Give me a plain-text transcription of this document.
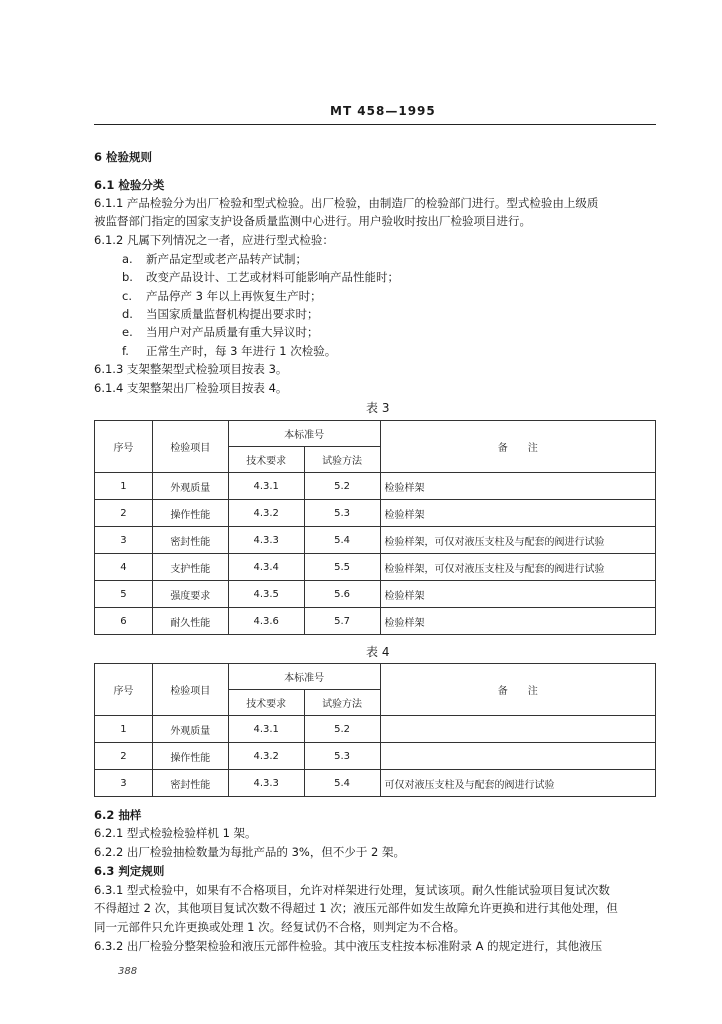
MT 458—1995
6 检验规则
6.1 检验分类
6.1.1 产品检验分为出厂检验和型式检验。出厂检验，由制造厂的检验部门进行。型式检验由上级质
被监督部门指定的国家支护设备质量监测中心进行。用户验收时按出厂检验项目进行。
6.1.2 凡属下列情况之一者，应进行型式检验：
a. 新产品定型或老产品转产试制；
b. 改变产品设计、工艺或材料可能影响产品性能时；
c. 产品停产 3 年以上再恢复生产时；
d. 当国家质量监督机构提出要求时；
e. 当用户对产品质量有重大异议时；
f. 正常生产时，每 3 年进行 1 次检验。
6.1.3 支架整架型式检验项目按表 3。
6.1.4 支架整架出厂检验项目按表 4。
表 3
序号	检验项目	本标准号		备　　注
		技术要求	试验方法	
1	外观质量	4.3.1	5.2	检验样架
2	操作性能	4.3.2	5.3	检验样架
3	密封性能	4.3.3	5.4	检验样架，可仅对液压支柱及与配套的阀进行试验
4	支护性能	4.3.4	5.5	检验样架，可仅对液压支柱及与配套的阀进行试验
5	强度要求	4.3.5	5.6	检验样架
6	耐久性能	4.3.6	5.7	检验样架
表 4
序号	检验项目	本标准号		备　　注
		技术要求	试验方法	
1	外观质量	4.3.1	5.2	
2	操作性能	4.3.2	5.3	
3	密封性能	4.3.3	5.4	可仅对液压支柱及与配套的阀进行试验
6.2 抽样
6.2.1 型式检验检验样机 1 架。
6.2.2 出厂检验抽检数量为每批产品的 3%，但不少于 2 架。
6.3 判定规则
6.3.1 型式检验中，如果有不合格项目，允许对样架进行处理，复试该项。耐久性能试验项目复试次数
不得超过 2 次，其他项目复试次数不得超过 1 次；液压元部件如发生故障允许更换和进行其他处理，但
同一元部件只允许更换或处理 1 次。经复试仍不合格，则判定为不合格。
6.3.2 出厂检验分整架检验和液压元部件检验。其中液压支柱按本标准附录 A 的规定进行，其他液压
388
